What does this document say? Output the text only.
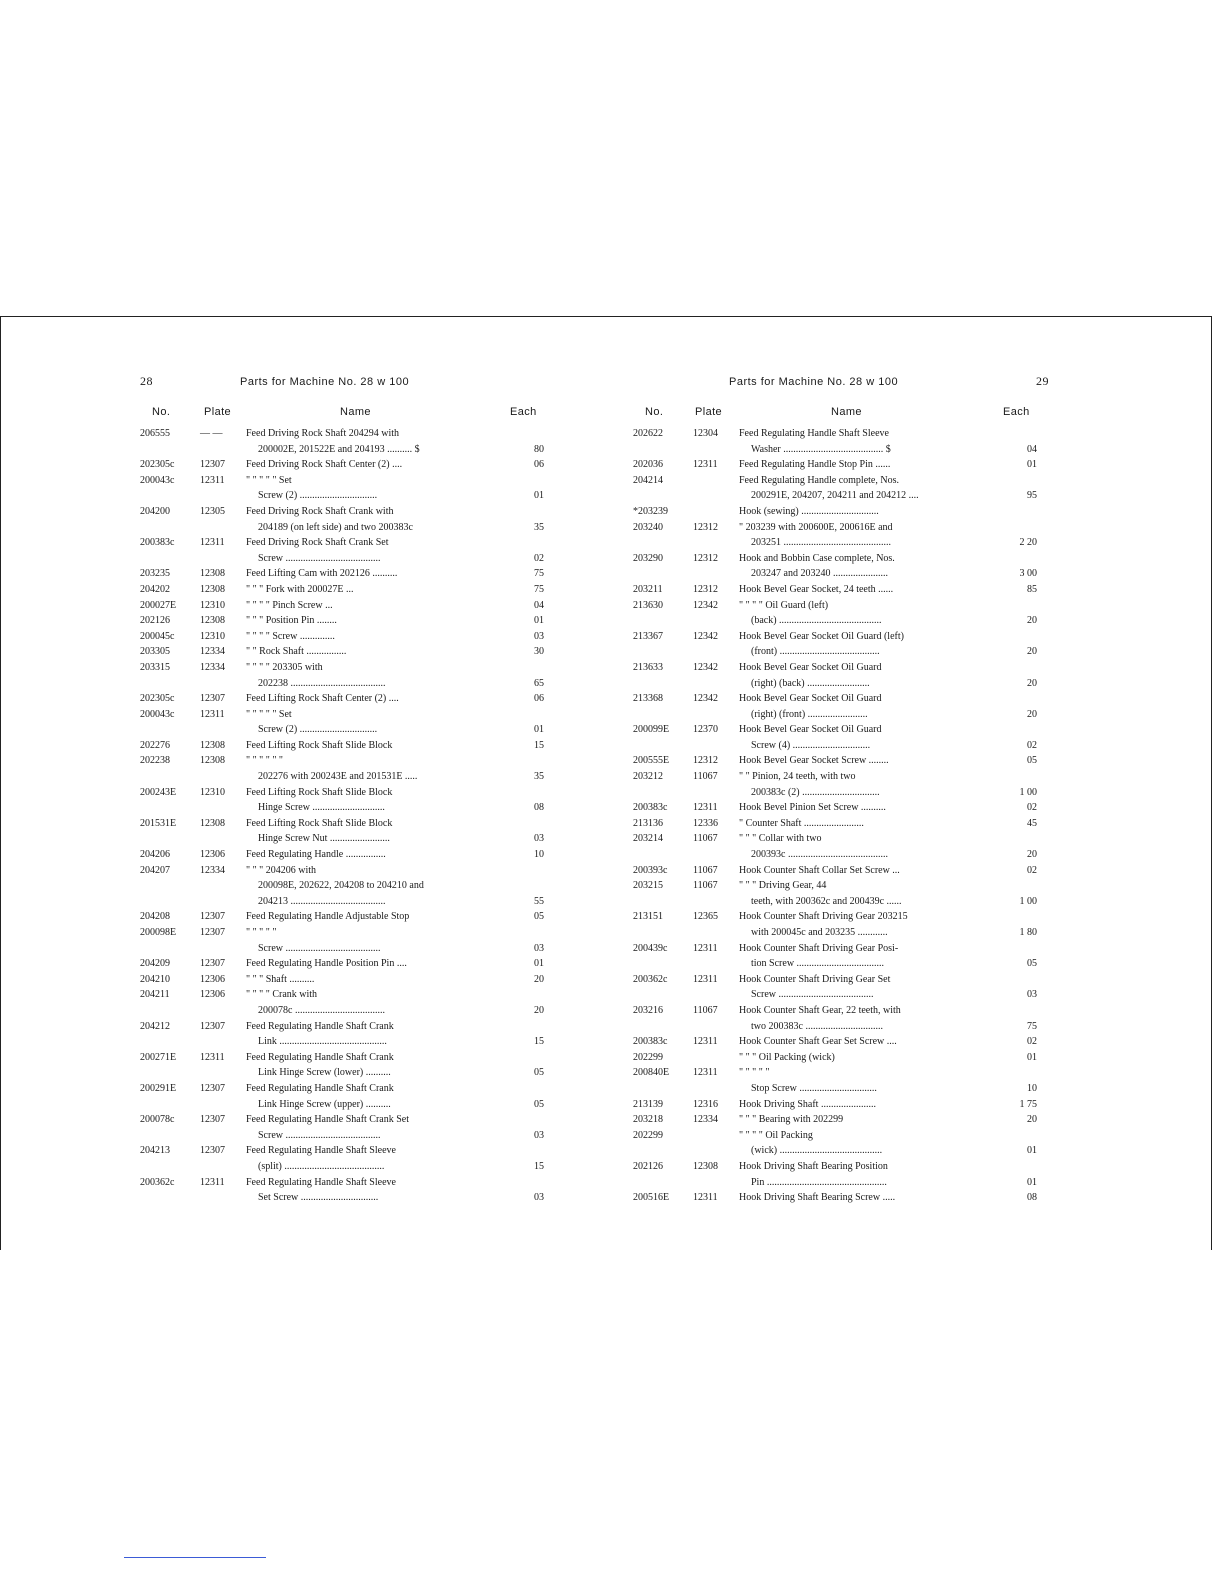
28	Parts for Machine No. 28 w 100
No.	Plate	Name	Each
206555	— —	Feed Driving Rock Shaft 204294 with
200002E, 201522E and 204193 .......... $	80
202305c	12307	Feed Driving Rock Shaft Center (2) ....	06
200043c	12311	" " " " " Set
Screw (2) ...............................	01
204200	12305	Feed Driving Rock Shaft Crank with
204189 (on left side) and two 200383c	35
200383c	12311	Feed Driving Rock Shaft Crank Set
Screw ......................................	02
203235	12308	Feed Lifting Cam with 202126 ..........	75
204202	12308	" " " Fork with 200027E ...	75
200027E	12310	" " " " Pinch Screw ...	04
202126	12308	" " " Position Pin ........	01
200045c	12310	" " " " Screw ..............	03
203305	12334	" " Rock Shaft ................	30
203315	12334	" " " " 203305 with
202238 ......................................	65
202305c	12307	Feed Lifting Rock Shaft Center (2) ....	06
200043c	12311	" " " " " Set
Screw (2) ...............................	01
202276	12308	Feed Lifting Rock Shaft Slide Block	15
202238	12308	" " " " " "
202276 with 200243E and 201531E .....	35
200243E	12310	Feed Lifting Rock Shaft Slide Block
Hinge Screw .............................	08
201531E	12308	Feed Lifting Rock Shaft Slide Block
Hinge Screw Nut ........................	03
204206	12306	Feed Regulating Handle ................	10
204207	12334	" " " 204206 with
200098E, 202622, 204208 to 204210 and
204213 ......................................	55
204208	12307	Feed Regulating Handle Adjustable Stop	05
200098E	12307	" " " " "
Screw ......................................	03
204209	12307	Feed Regulating Handle Position Pin ....	01
204210	12306	" " " Shaft ..........	20
204211	12306	" " " " Crank with
200078c ....................................	20
204212	12307	Feed Regulating Handle Shaft Crank
Link ...........................................	15
200271E	12311	Feed Regulating Handle Shaft Crank
Link Hinge Screw (lower) ..........	05
200291E	12307	Feed Regulating Handle Shaft Crank
Link Hinge Screw (upper) ..........	05
200078c	12307	Feed Regulating Handle Shaft Crank Set
Screw ......................................	03
204213	12307	Feed Regulating Handle Shaft Sleeve
(split) ........................................	15
200362c	12311	Feed Regulating Handle Shaft Sleeve
Set Screw ...............................	03
Parts for Machine No. 28 w 100	29
No.	Plate	Name	Each
202622	12304	Feed Regulating Handle Shaft Sleeve
Washer ........................................ $	04
202036	12311	Feed Regulating Handle Stop Pin ......	01
204214	Feed Regulating Handle complete, Nos.
200291E, 204207, 204211 and 204212 ....	95
*203239	Hook (sewing) ...............................
203240	12312	" 203239 with 200600E, 200616E and
203251 ...........................................	2 20
203290	12312	Hook and Bobbin Case complete, Nos.
203247 and 203240 ......................	3 00
203211	12312	Hook Bevel Gear Socket, 24 teeth ......	85
213630	12342	" " " " Oil Guard (left)
(back) .........................................	20
213367	12342	Hook Bevel Gear Socket Oil Guard (left)
(front) ........................................	20
213633	12342	Hook Bevel Gear Socket Oil Guard
(right) (back) .........................	20
213368	12342	Hook Bevel Gear Socket Oil Guard
(right) (front) ........................	20
200099E	12370	Hook Bevel Gear Socket Oil Guard
Screw (4) ...............................	02
200555E	12312	Hook Bevel Gear Socket Screw ........	05
203212	11067	" " Pinion, 24 teeth, with two
200383c (2) ...............................	1 00
200383c	12311	Hook Bevel Pinion Set Screw ..........	02
213136	12336	" Counter Shaft ........................	45
203214	11067	" " " Collar with two
200393c ........................................	20
200393c	11067	Hook Counter Shaft Collar Set Screw ...	02
203215	11067	" " " Driving Gear, 44
teeth, with 200362c and 200439c ......	1 00
213151	12365	Hook Counter Shaft Driving Gear 203215
with 200045c and 203235 ............	1 80
200439c	12311	Hook Counter Shaft Driving Gear Posi-
tion Screw ...................................	05
200362c	12311	Hook Counter Shaft Driving Gear Set
Screw ......................................	03
203216	11067	Hook Counter Shaft Gear, 22 teeth, with
two 200383c ...............................	75
200383c	12311	Hook Counter Shaft Gear Set Screw ....	02
202299	" " " Oil Packing (wick)	01
200840E	12311	" " " " "
Stop Screw ...............................	10
213139	12316	Hook Driving Shaft ......................	1 75
203218	12334	" " " Bearing with 202299	20
202299	" " " " Oil Packing
(wick) .........................................	01
202126	12308	Hook Driving Shaft Bearing Position
Pin ................................................	01
200516E	12311	Hook Driving Shaft Bearing Screw .....	08
